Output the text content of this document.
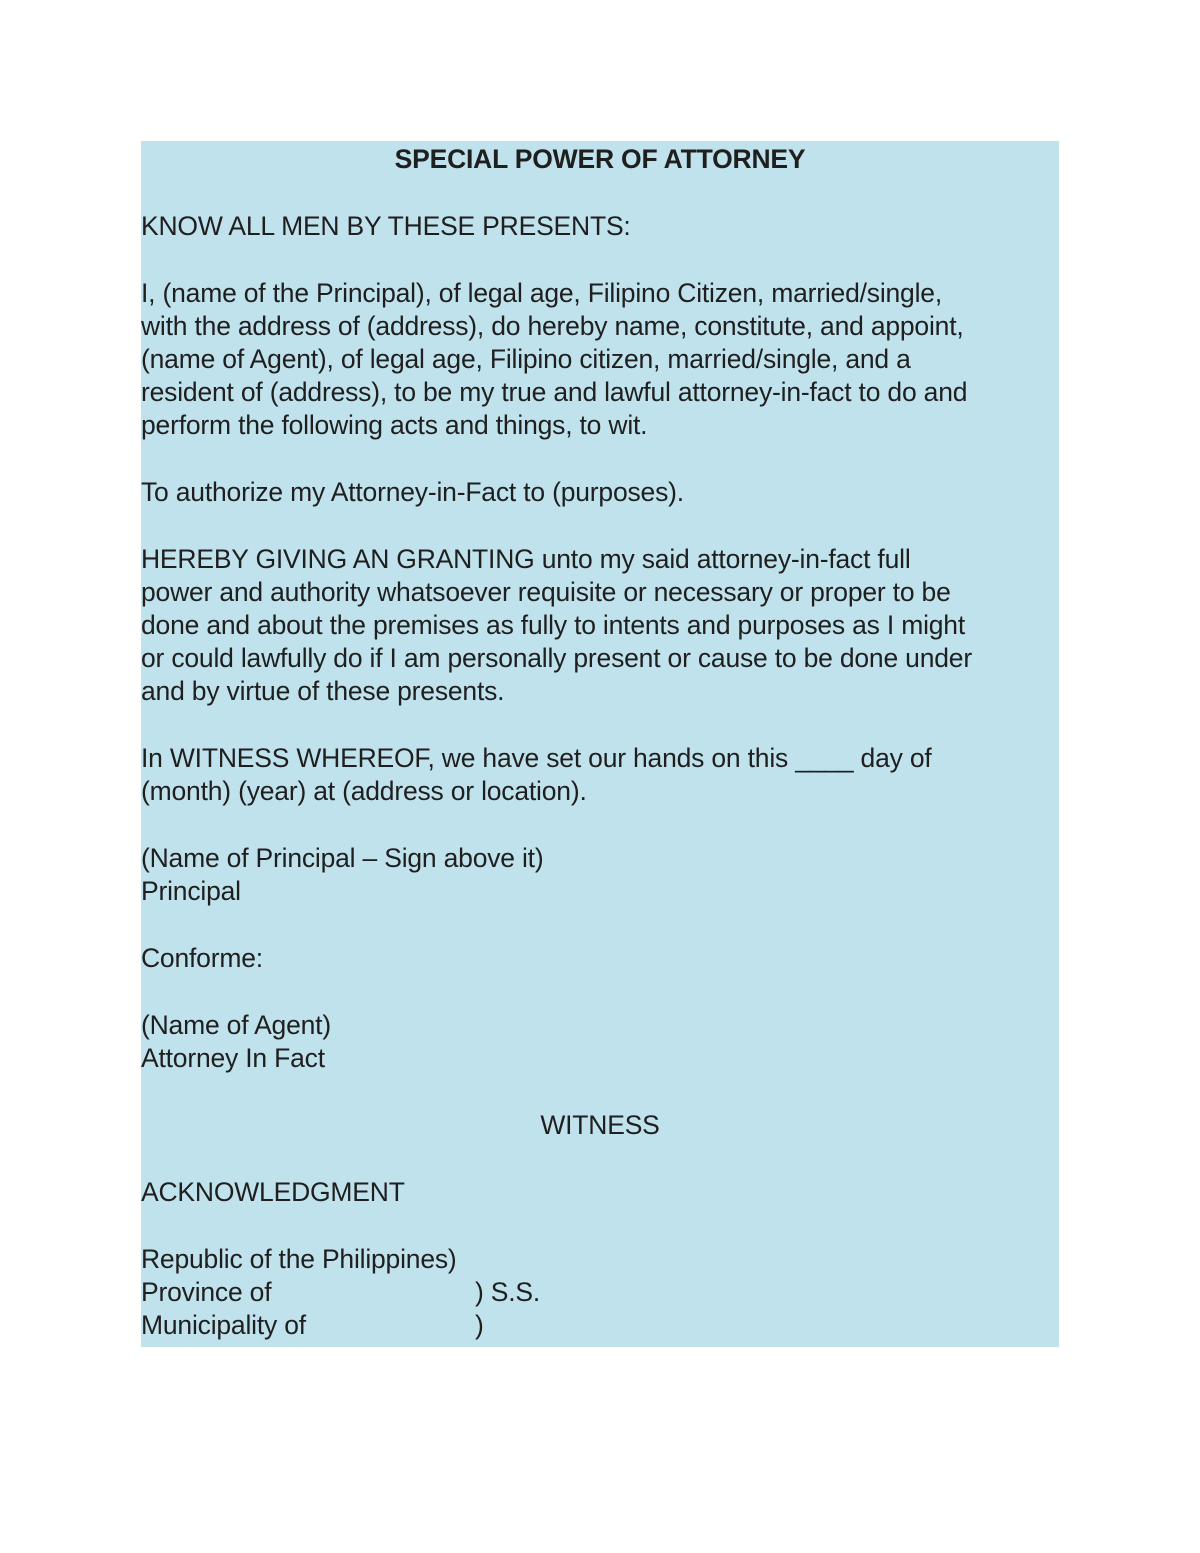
SPECIAL POWER OF ATTORNEY

KNOW ALL MEN BY THESE PRESENTS:

I, (name of the Principal), of legal age, Filipino Citizen, married/single,
with the address of (address), do hereby name, constitute, and appoint,
(name of Agent), of legal age, Filipino citizen, married/single, and a
resident of (address), to be my true and lawful attorney-in-fact to do and
perform the following acts and things, to wit.

To authorize my Attorney-in-Fact to (purposes).

HEREBY GIVING AN GRANTING unto my said attorney-in-fact full
power and authority whatsoever requisite or necessary or proper to be
done and about the premises as fully to intents and purposes as I might
or could lawfully do if I am personally present or cause to be done under
and by virtue of these presents.

In WITNESS WHEREOF, we have set our hands on this ____ day of
(month) (year) at (address or location).

(Name of Principal – Sign above it)
Principal

Conforme:

(Name of Agent)
Attorney In Fact

WITNESS

ACKNOWLEDGMENT

Republic of the Philippines)
Province of	) S.S.
Municipality of	)
